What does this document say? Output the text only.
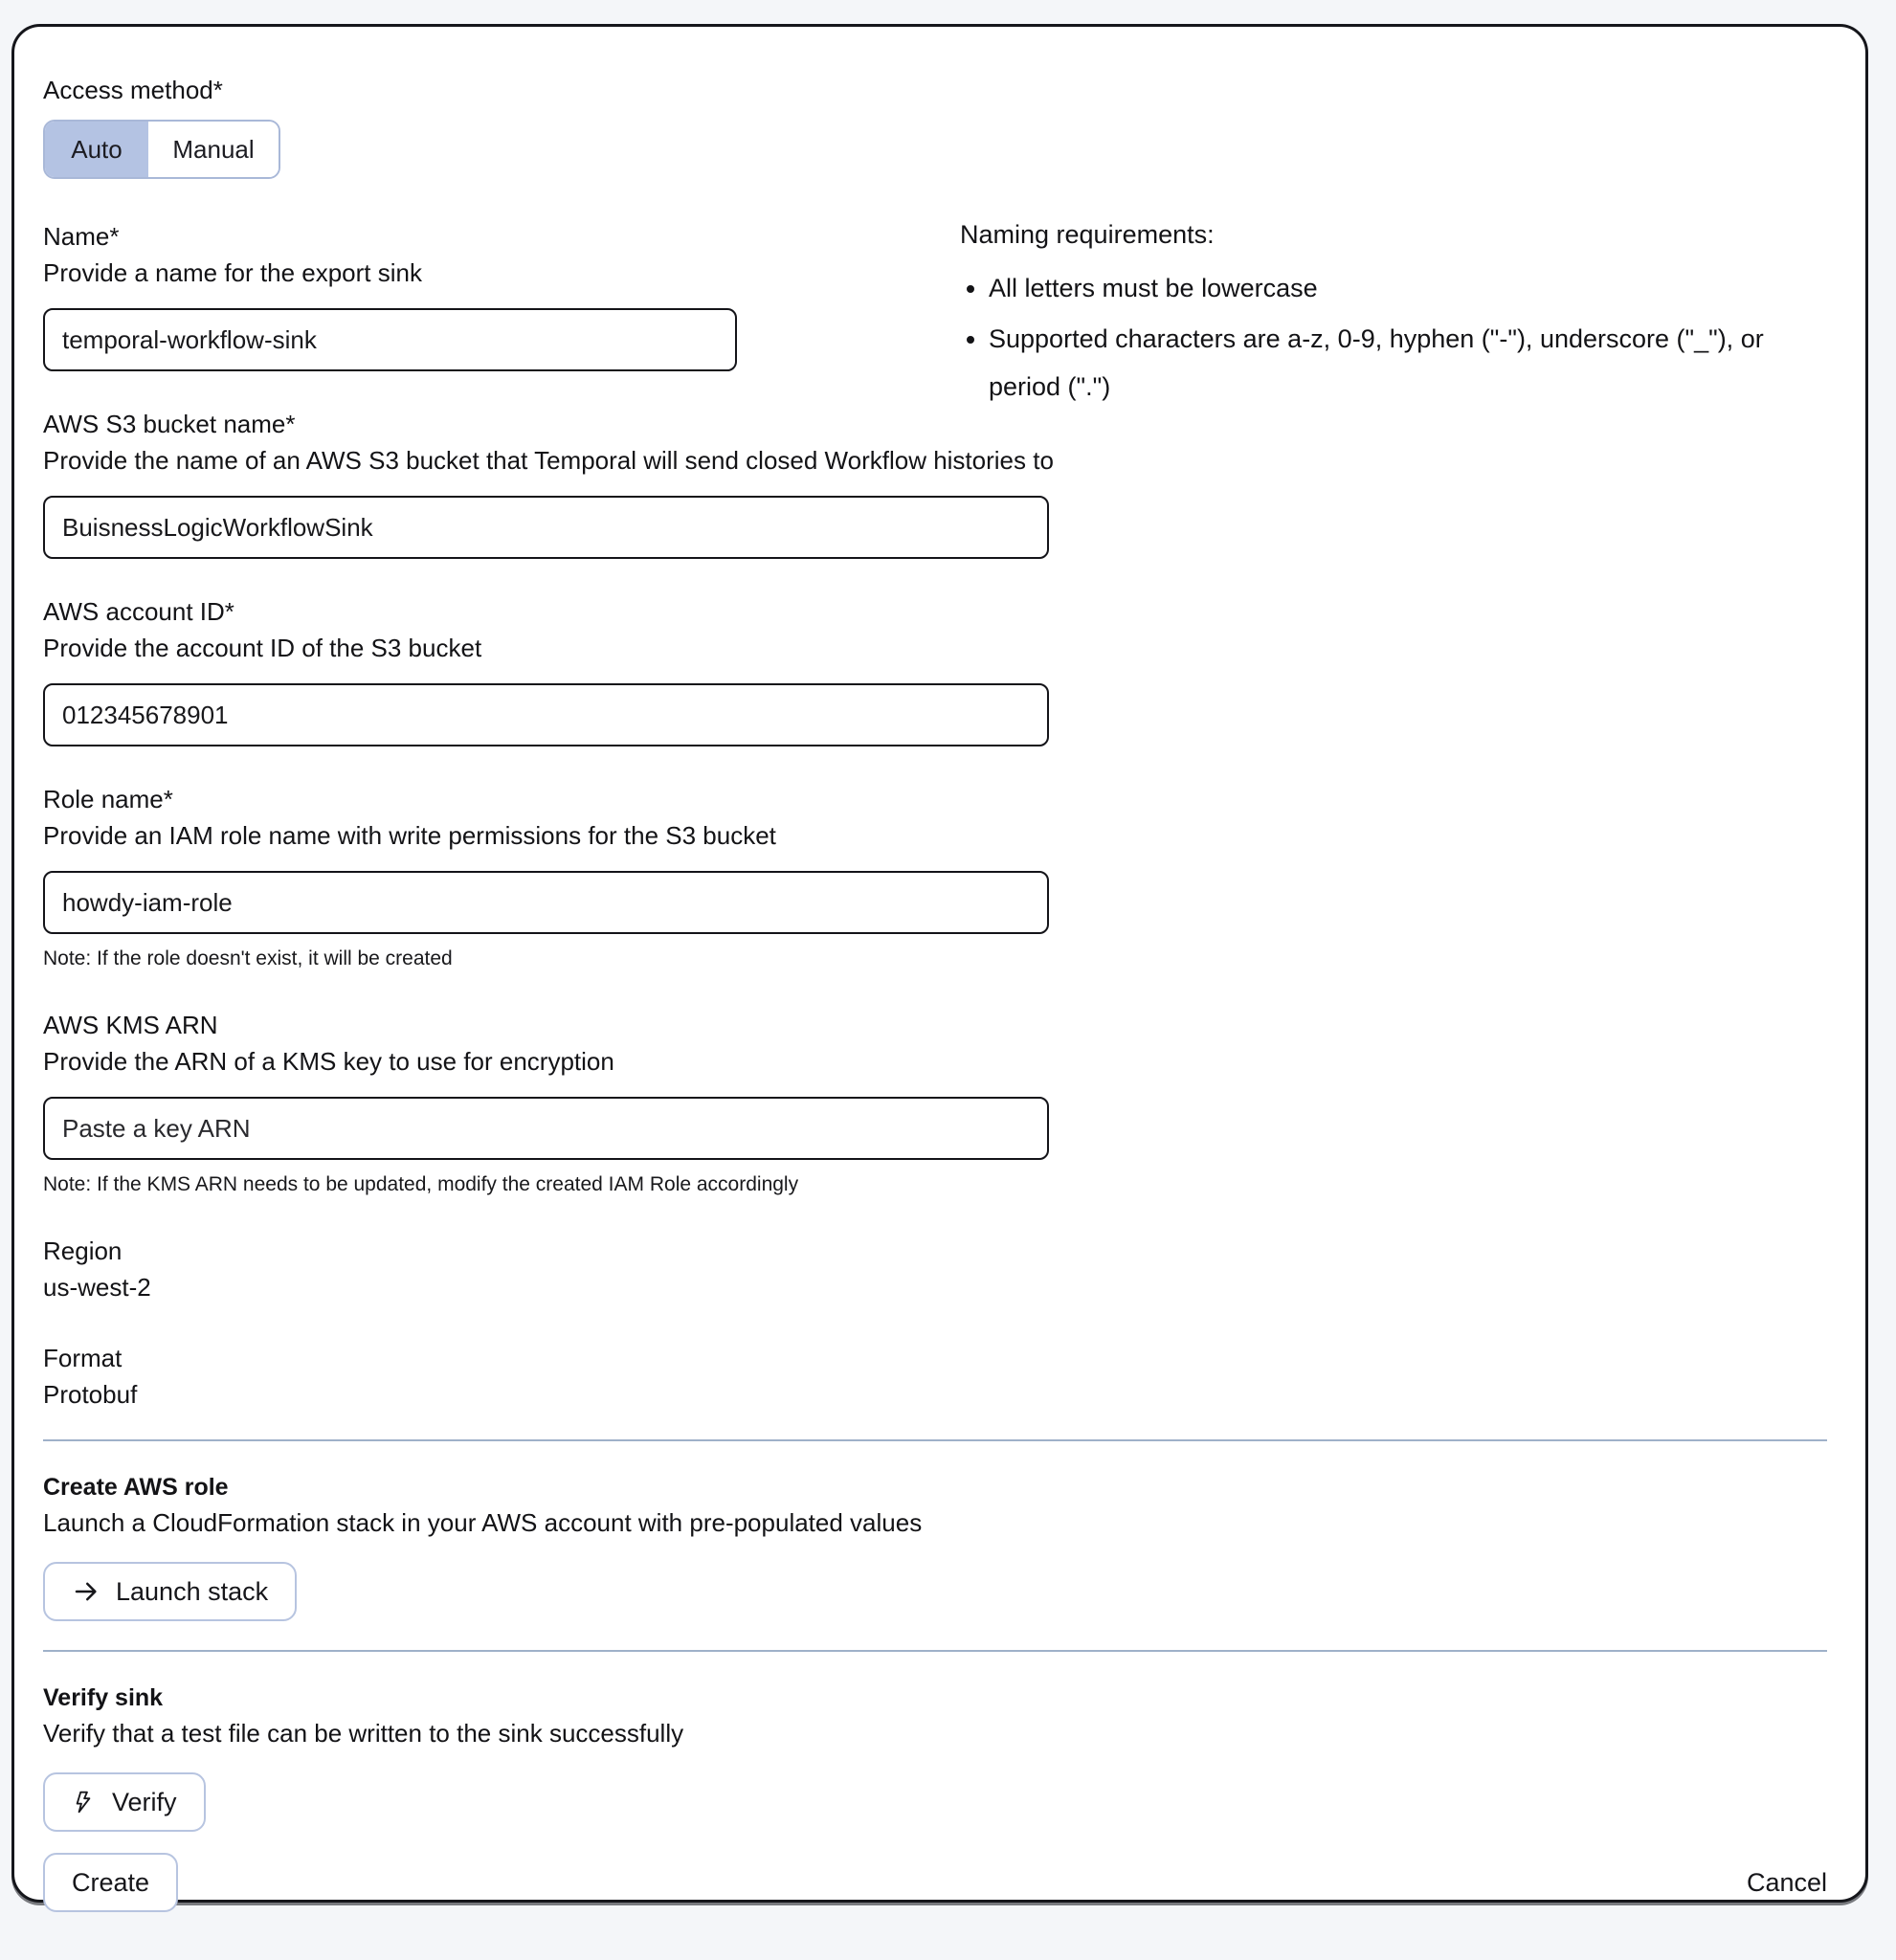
Access method*
Auto	Manual
Naming requirements:
• All letters must be lowercase
• Supported characters are a-z, 0-9, hyphen ("-"), underscore ("_"), or period (".")
Name*
Provide a name for the export sink
temporal-workflow-sink
AWS S3 bucket name*
Provide the name of an AWS S3 bucket that Temporal will send closed Workflow histories to
BuisnessLogicWorkflowSink
AWS account ID*
Provide the account ID of the S3 bucket
012345678901
Role name*
Provide an IAM role name with write permissions for the S3 bucket
howdy-iam-role
Note: If the role doesn't exist, it will be created
AWS KMS ARN
Provide the ARN of a KMS key to use for encryption
Paste a key ARN
Note: If the KMS ARN needs to be updated, modify the created IAM Role accordingly
Region
us-west-2
Format
Protobuf
Create AWS role
Launch a CloudFormation stack in your AWS account with pre-populated values
Launch stack
Verify sink
Verify that a test file can be written to the sink successfully
Verify
Create	Cancel
